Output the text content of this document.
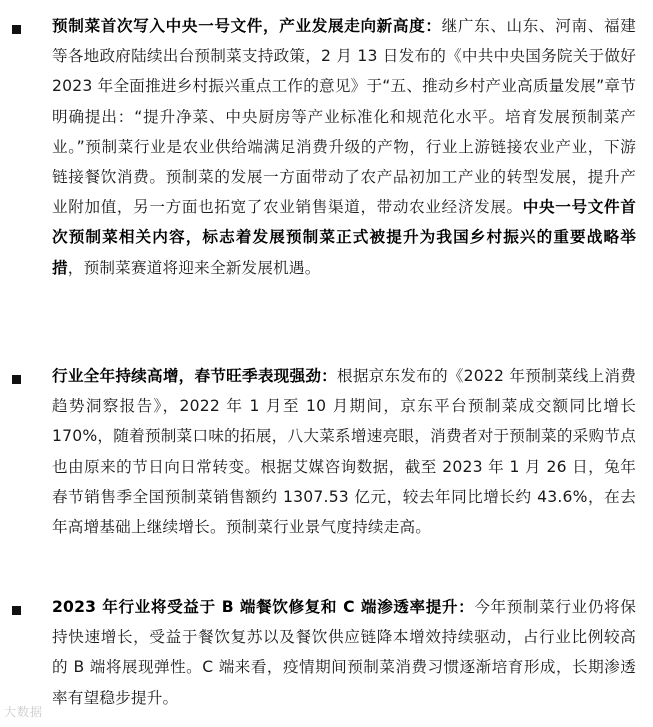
预制菜首次写入中央一号文件，产业发展走向新高度：继广东、山东、河南、福建等各地政府陆续出台预制菜支持政策，2 月 13 日发布的《中共中央国务院关于做好 2023 年全面推进乡村振兴重点工作的意见》于“五、推动乡村产业高质量发展”章节明确提出：“提升净菜、中央厨房等产业标准化和规范化水平。培育发展预制菜产业。”预制菜行业是农业供给端满足消费升级的产物，行业上游链接农业产业，下游链接餐饮消费。预制菜的发展一方面带动了农产品初加工产业的转型发展，提升产业附加值，另一方面也拓宽了农业销售渠道，带动农业经济发展。中央一号文件首次预制菜相关内容，标志着发展预制菜正式被提升为我国乡村振兴的重要战略举措，预制菜赛道将迎来全新发展机遇。

行业全年持续高增，春节旺季表现强劲：根据京东发布的《2022 年预制菜线上消费趋势洞察报告》，2022 年 1 月至 10 月期间，京东平台预制菜成交额同比增长 170%，随着预制菜口味的拓展，八大菜系增速亮眼，消费者对于预制菜的采购节点也由原来的节日向日常转变。根据艾媒咨询数据，截至 2023 年 1 月 26 日，兔年春节销售季全国预制菜销售额约 1307.53 亿元，较去年同比增长约 43.6%，在去年高增基础上继续增长。预制菜行业景气度持续走高。

2023 年行业将受益于 B 端餐饮修复和 C 端渗透率提升：今年预制菜行业仍将保持快速增长，受益于餐饮复苏以及餐饮供应链降本增效持续驱动，占行业比例较高的 B 端将展现弹性。C 端来看，疫情期间预制菜消费习惯逐渐培育形成，长期渗透率有望稳步提升。

大数据
